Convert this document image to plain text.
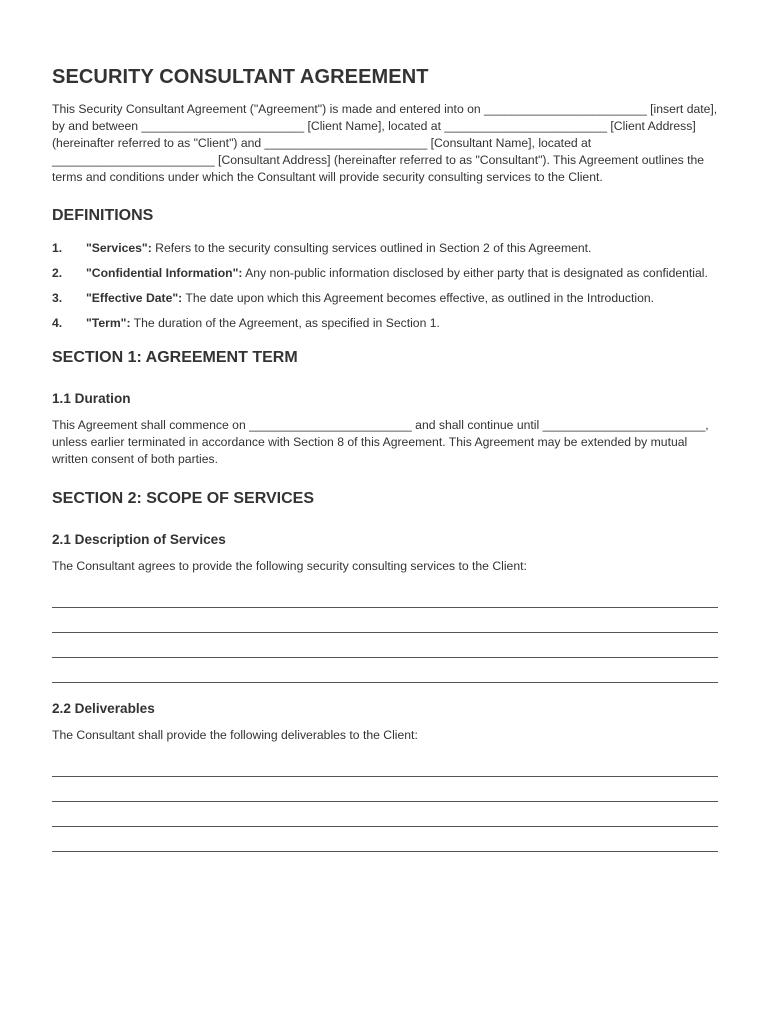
SECURITY CONSULTANT AGREEMENT

This Security Consultant Agreement ("Agreement") is made and entered into on ________________________ [insert date], by and between ________________________ [Client Name], located at ________________________ [Client Address] (hereinafter referred to as "Client") and ________________________ [Consultant Name], located at ________________________ [Consultant Address] (hereinafter referred to as "Consultant"). This Agreement outlines the terms and conditions under which the Consultant will provide security consulting services to the Client.

DEFINITIONS
1.	"Services": Refers to the security consulting services outlined in Section 2 of this Agreement.
2.	"Confidential Information": Any non-public information disclosed by either party that is designated as confidential.
3.	"Effective Date": The date upon which this Agreement becomes effective, as outlined in the Introduction.
4.	"Term": The duration of the Agreement, as specified in Section 1.
SECTION 1: AGREEMENT TERM
1.1 Duration

This Agreement shall commence on ________________________ and shall continue until ________________________, unless earlier terminated in accordance with Section 8 of this Agreement. This Agreement may be extended by mutual written consent of both parties.

SECTION 2: SCOPE OF SERVICES
2.1 Description of Services

The Consultant agrees to provide the following security consulting services to the Client:

2.2 Deliverables

The Consultant shall provide the following deliverables to the Client:
